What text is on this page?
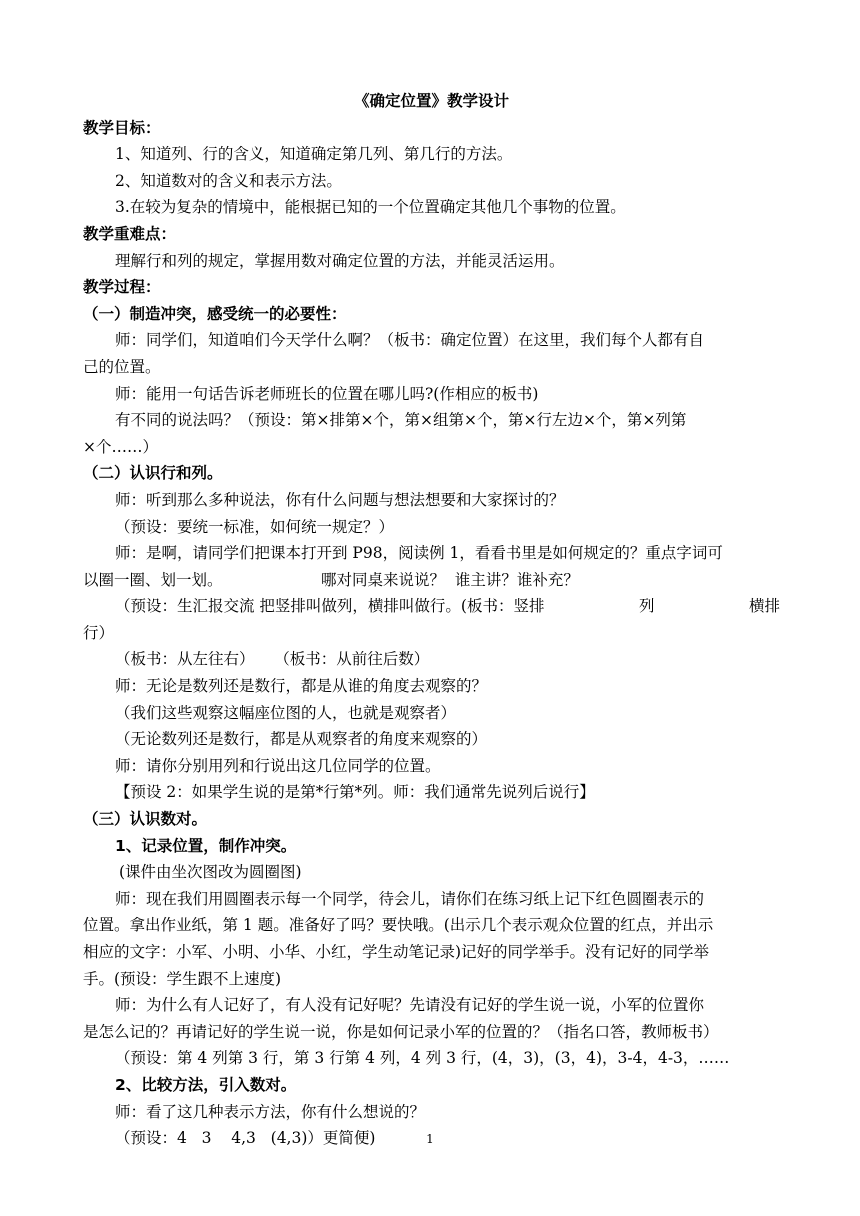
《确定位置》教学设计
教学目标：
1、知道列、行的含义，知道确定第几列、第几行的方法。
2、知道数对的含义和表示方法。
3.在较为复杂的情境中，能根据已知的一个位置确定其他几个事物的位置。
教学重难点：
理解行和列的规定，掌握用数对确定位置的方法，并能灵活运用。
教学过程：
（一）制造冲突，感受统一的必要性：
师：同学们，知道咱们今天学什么啊？（板书：确定位置）在这里，我们每个人都有自
己的位置。
师：能用一句话告诉老师班长的位置在哪儿吗?(作相应的板书)
有不同的说法吗？（预设：第×排第×个，第×组第×个，第×行左边×个，第×列第
×个……）
（二）认识行和列。
师：听到那么多种说法，你有什么问题与想法想要和大家探讨的？
（预设：要统一标准，如何统一规定？）
师：是啊，请同学们把课本打开到 P98，阅读例 1，看看书里是如何规定的？重点字词可
以圈一圈、划一划。                    哪对同桌来说说？  谁主讲？谁补充？
（预设：生汇报交流 把竖排叫做列，横排叫做行。(板书：竖排	列	横排
行）
（板书：从左往右）    （板书：从前往后数）
师：无论是数列还是数行，都是从谁的角度去观察的？
（我们这些观察这幅座位图的人，也就是观察者）
（无论数列还是数行，都是从观察者的角度来观察的）
师：请你分别用列和行说出这几位同学的位置。
【预设 2：如果学生说的是第*行第*列。师：我们通常先说列后说行】
（三）认识数对。
1、记录位置，制作冲突。
(课件由坐次图改为圆圈图)
师：现在我们用圆圈表示每一个同学，待会儿，请你们在练习纸上记下红色圆圈表示的
位置。拿出作业纸，第 1 题。准备好了吗？要快哦。(出示几个表示观众位置的红点，并出示
相应的文字：小军、小明、小华、小红，学生动笔记录)记好的同学举手。没有记好的同学举
手。(预设：学生跟不上速度)
师：为什么有人记好了，有人没有记好呢？先请没有记好的学生说一说，小军的位置你
是怎么记的？再请记好的学生说一说，你是如何记录小军的位置的？（指名口答，教师板书）
（预设：第 4 列第 3 行，第 3 行第 4 列，4 列 3 行，(4，3)，(3，4)，3-4，4-3，……
2、比较方法，引入数对。
师：看了这几种表示方法，你有什么想说的？
（预设：4   3    4,3   (4,3)）更简便)	1
